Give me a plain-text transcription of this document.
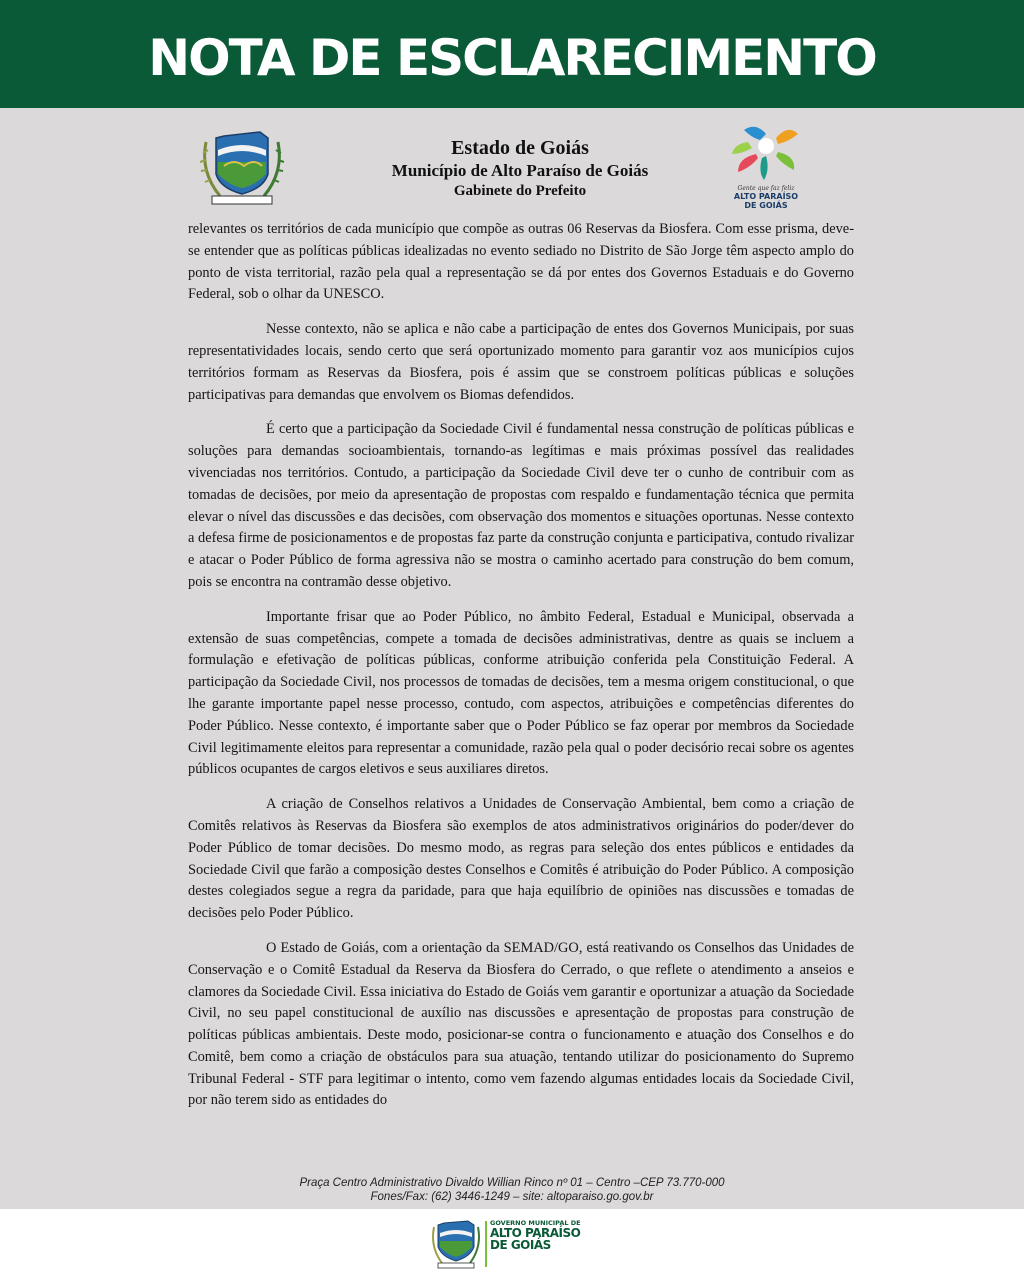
NOTA DE ESCLARECIMENTO
Estado de Goiás
Município de Alto Paraíso de Goiás
Gabinete do Prefeito	Gente que faz feliz
ALTO PARAÍSO
DE GOIÁS

relevantes os territórios de cada município que compõe as outras 06 Reservas da Biosfera. Com esse prisma, deve-se entender que as políticas públicas idealizadas no evento sediado no Distrito de São Jorge têm aspecto amplo do ponto de vista territorial, razão pela qual a representação se dá por entes dos Governos Estaduais e do Governo Federal, sob o olhar da UNESCO.

Nesse contexto, não se aplica e não cabe a participação de entes dos Governos Municipais, por suas representatividades locais, sendo certo que será oportunizado momento para garantir voz aos municípios cujos territórios formam as Reservas da Biosfera, pois é assim que se constroem políticas públicas e soluções participativas para demandas que envolvem os Biomas defendidos.

É certo que a participação da Sociedade Civil é fundamental nessa construção de políticas públicas e soluções para demandas socioambientais, tornando-as legítimas e mais próximas possível das realidades vivenciadas nos territórios. Contudo, a participação da Sociedade Civil deve ter o cunho de contribuir com as tomadas de decisões, por meio da apresentação de propostas com respaldo e fundamentação técnica que permita elevar o nível das discussões e das decisões, com observação dos momentos e situações oportunas. Nesse contexto a defesa firme de posicionamentos e de propostas faz parte da construção conjunta e participativa, contudo rivalizar e atacar o Poder Público de forma agressiva não se mostra o caminho acertado para construção do bem comum, pois se encontra na contramão desse objetivo.

Importante frisar que ao Poder Público, no âmbito Federal, Estadual e Municipal, observada a extensão de suas competências, compete a tomada de decisões administrativas, dentre as quais se incluem a formulação e efetivação de políticas públicas, conforme atribuição conferida pela Constituição Federal. A participação da Sociedade Civil, nos processos de tomadas de decisões, tem a mesma origem constitucional, o que lhe garante importante papel nesse processo, contudo, com aspectos, atribuições e competências diferentes do Poder Público. Nesse contexto, é importante saber que o Poder Público se faz operar por membros da Sociedade Civil legitimamente eleitos para representar a comunidade, razão pela qual o poder decisório recai sobre os agentes públicos ocupantes de cargos eletivos e seus auxiliares diretos.

A criação de Conselhos relativos a Unidades de Conservação Ambiental, bem como a criação de Comitês relativos às Reservas da Biosfera são exemplos de atos administrativos originários do poder/dever do Poder Público de tomar decisões. Do mesmo modo, as regras para seleção dos entes públicos e entidades da Sociedade Civil que farão a composição destes Conselhos e Comitês é atribuição do Poder Público. A composição destes colegiados segue a regra da paridade, para que haja equilíbrio de opiniões nas discussões e tomadas de decisões pelo Poder Público.

O Estado de Goiás, com a orientação da SEMAD/GO, está reativando os Conselhos das Unidades de Conservação e o Comitê Estadual da Reserva da Biosfera do Cerrado, o que reflete o atendimento a anseios e clamores da Sociedade Civil. Essa iniciativa do Estado de Goiás vem garantir e oportunizar a atuação da Sociedade Civil, no seu papel constitucional de auxílio nas discussões e apresentação de propostas para construção de políticas públicas ambientais. Deste modo, posicionar-se contra o funcionamento e atuação dos Conselhos e do Comitê, bem como a criação de obstáculos para sua atuação, tentando utilizar do posicionamento do Supremo Tribunal Federal - STF para legitimar o intento, como vem fazendo algumas entidades locais da Sociedade Civil, por não terem sido as entidades do

Praça Centro Administrativo Divaldo Willian Rinco nº 01 – Centro –CEP 73.770-000
Fones/Fax: (62) 3446-1249 – site: altoparaiso.go.gov.br
GOVERNO MUNICIPAL DE
ALTO PARAÍSO
DE GOIÁS
